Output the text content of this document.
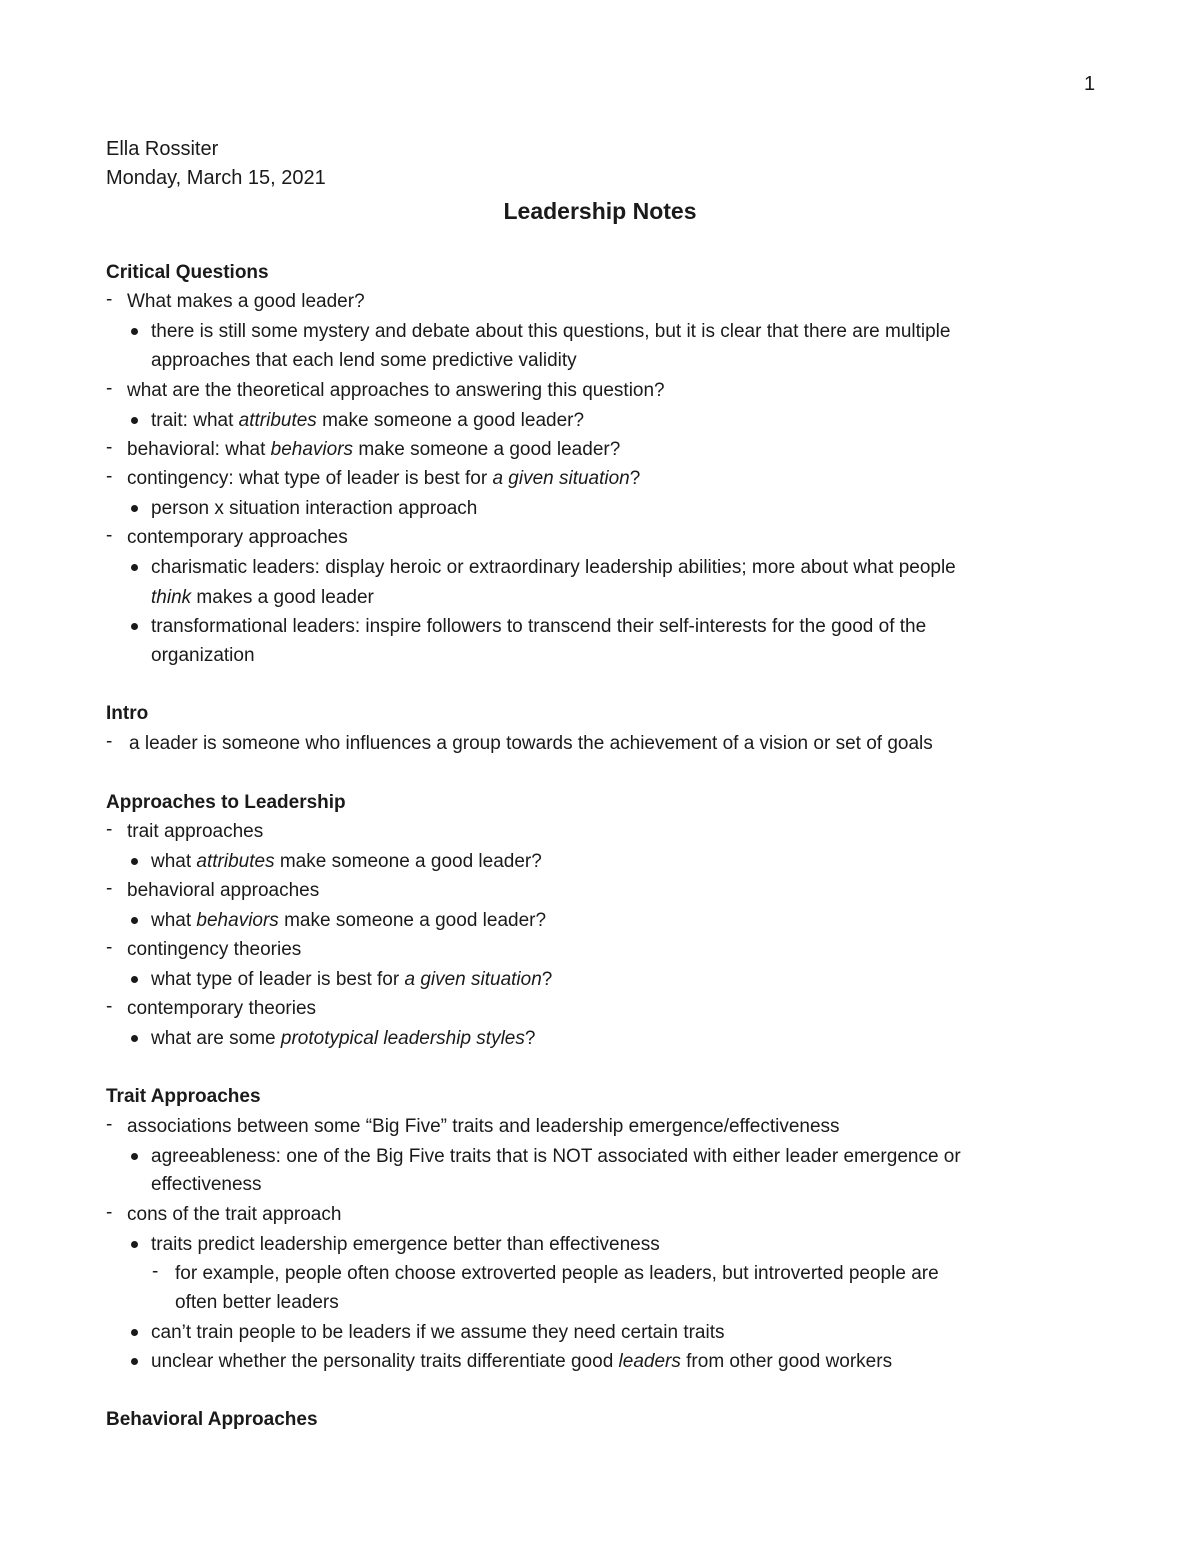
1
Ella Rossiter
Monday, March 15, 2021
Leadership Notes
Critical Questions
- What makes a good leader?
there is still some mystery and debate about this questions, but it is clear that there are multiple
approaches that each lend some predictive validity
- what are the theoretical approaches to answering this question?
trait: what attributes make someone a good leader?
- behavioral: what behaviors make someone a good leader?
- contingency: what type of leader is best for a given situation?
person x situation interaction approach
- contemporary approaches
charismatic leaders: display heroic or extraordinary leadership abilities; more about what people
think makes a good leader
transformational leaders: inspire followers to transcend their self-interests for the good of the
organization
Intro
- a leader is someone who influences a group towards the achievement of a vision or set of goals
Approaches to Leadership
- trait approaches
what attributes make someone a good leader?
- behavioral approaches
what behaviors make someone a good leader?
- contingency theories
what type of leader is best for a given situation?
- contemporary theories
what are some prototypical leadership styles?
Trait Approaches
- associations between some “Big Five” traits and leadership emergence/effectiveness
agreeableness: one of the Big Five traits that is NOT associated with either leader emergence or
effectiveness
- cons of the trait approach
traits predict leadership emergence better than effectiveness
- for example, people often choose extroverted people as leaders, but introverted people are
often better leaders
can’t train people to be leaders if we assume they need certain traits
unclear whether the personality traits differentiate good leaders from other good workers
Behavioral Approaches
